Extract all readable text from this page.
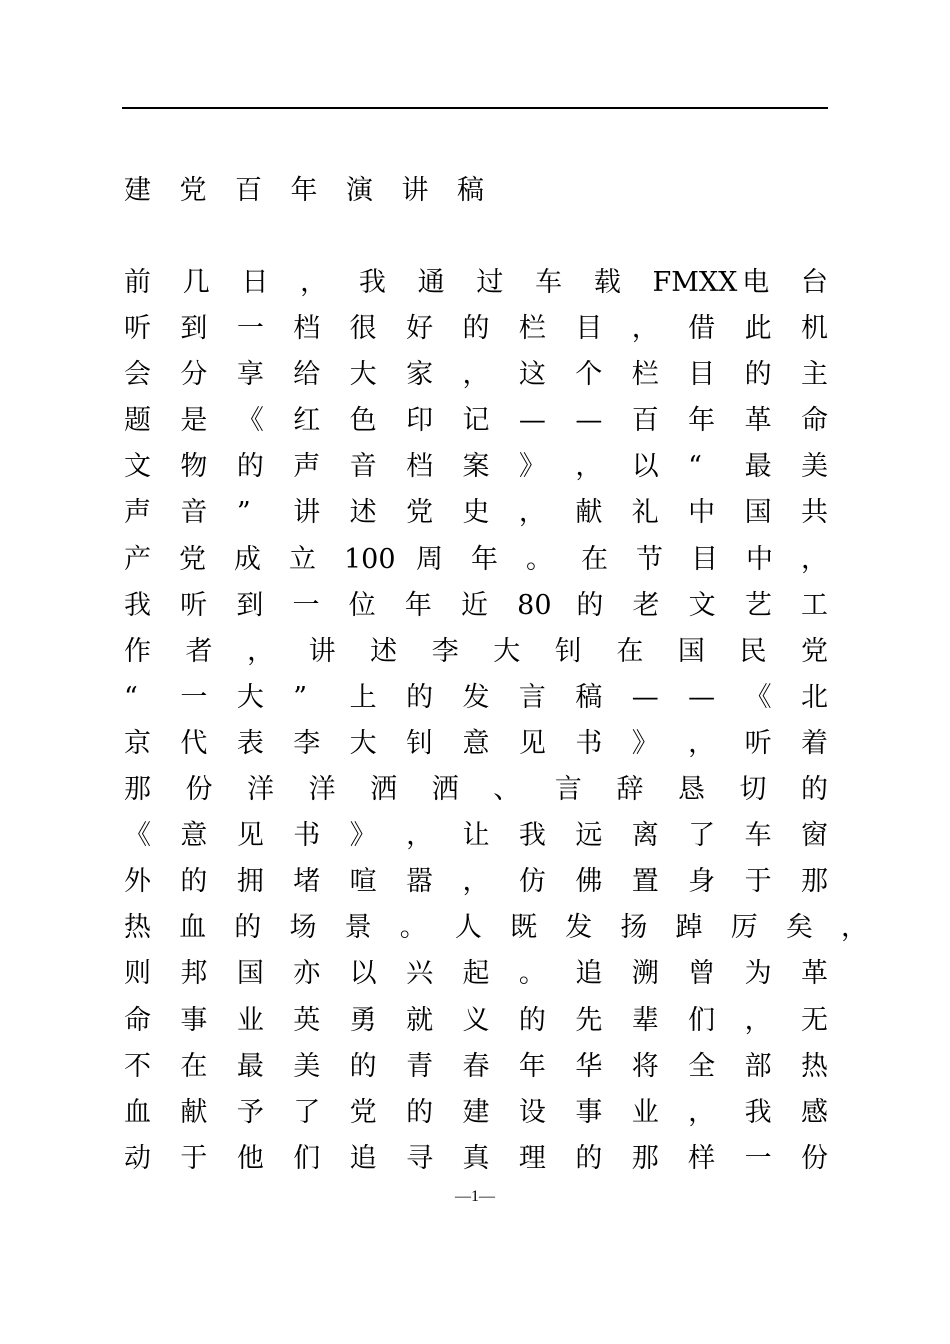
建 党 百 年 演 讲 稿
前 几 日 ， 我 通 过 车 载 FMXX 电 台
听 到 一 档 很 好 的 栏 目 ， 借 此 机
会 分 享 给 大 家 ， 这 个 栏 目 的 主
题 是 《 红 色 印 记 — — 百 年 革 命
文 物 的 声 音 档 案 》 ， 以 “ 最 美
声 音 ” 讲 述 党 史 ， 献 礼 中 国 共
产 党 成 立 100 周 年 。 在 节 目 中 ，
我 听 到 一 位 年 近 80 的 老 文 艺 工
作 者 ， 讲 述 李 大 钊 在 国 民 党
“ 一 大 ” 上 的 发 言 稿 — — 《 北
京 代 表 李 大 钊 意 见 书 》 ， 听 着
那 份 洋 洋 洒 洒 、 言 辞 恳 切 的
《 意 见 书 》 ， 让 我 远 离 了 车 窗
外 的 拥 堵 喧 嚣 ， 仿 佛 置 身 于 那
热 血 的 场 景 。 人 既 发 扬 踔 厉 矣 ，
则 邦 国 亦 以 兴 起 。 追 溯 曾 为 革
命 事 业 英 勇 就 义 的 先 辈 们 ， 无
不 在 最 美 的 青 春 年 华 将 全 部 热
血 献 予 了 党 的 建 设 事 业 ， 我 感
动 于 他 们 追 寻 真 理 的 那 样 一 份
—1—
